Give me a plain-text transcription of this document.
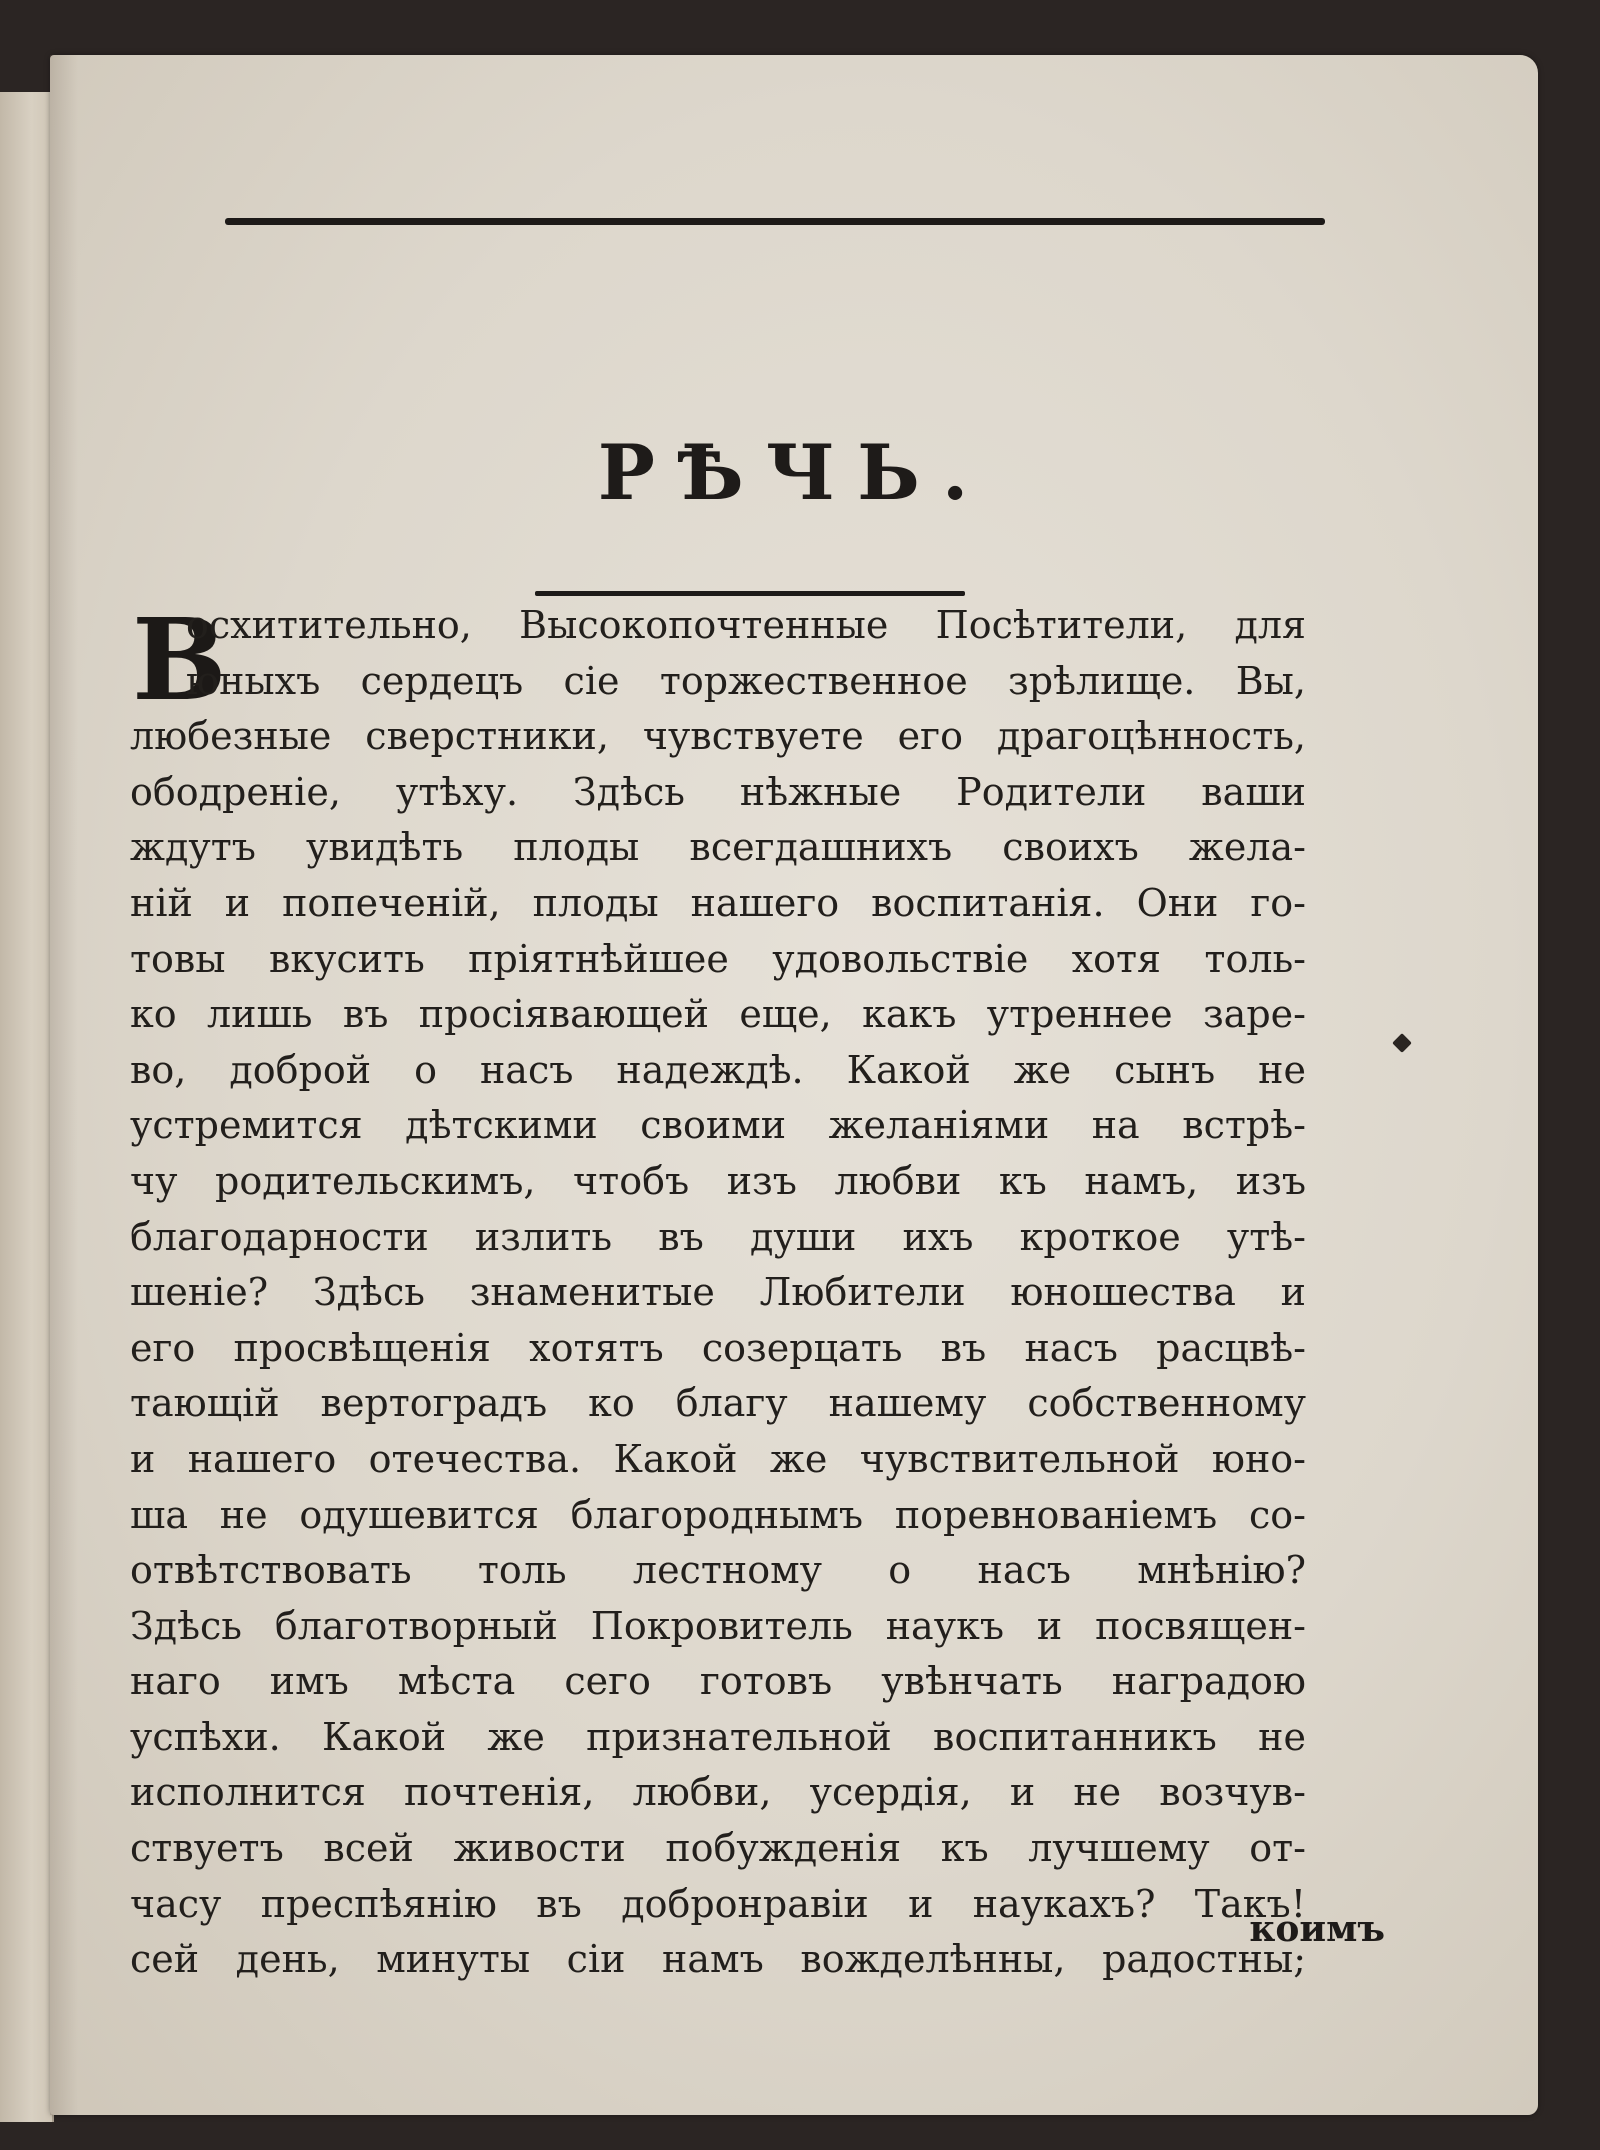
РѢЧЬ.
В
осхитительно, Высокопочтенные Посѣтители, для
юныхъ сердецъ сіе торжественное зрѣлище. Вы,
любезные сверстники, чувствуете его драгоцѣнность,
ободреніе, утѣху. Здѣсь нѣжные Родители ваши
ждутъ увидѣть плоды всегдашнихъ своихъ жела-
ній и попеченій, плоды нашего воспитанія. Они го-
товы вкусить пріятнѣйшее удовольствіе хотя толь-
ко лишь въ просіявающей еще, какъ утреннее заре-
во, доброй о насъ надеждѣ. Какой же сынъ не
устремится дѣтскими своими желаніями на встрѣ-
чу родительскимъ, чтобъ изъ любви къ намъ, изъ
благодарности излить въ души ихъ кроткое утѣ-
шеніе? Здѣсь знаменитые Любители юношества и
его просвѣщенія хотятъ созерцать въ насъ расцвѣ-
тающій вертоградъ ко благу нашему собственному
и нашего отечества. Какой же чувствительной юно-
ша не одушевится благороднымъ поревнованіемъ со-
отвѣтствовать толь лестному о насъ мнѣнію?
Здѣсь благотворный Покровитель наукъ и посвящен-
наго имъ мѣста сего готовъ увѣнчать наградою
успѣхи. Какой же признательной воспитанникъ не
исполнится почтенія, любви, усердія, и не возчув-
ствуетъ всей живости побужденія къ лучшему от-
часу преспѣянію въ добронравіи и наукахъ? Такъ!
сей день, минуты сіи намъ вожделѣнны, радостны;
коимъ
